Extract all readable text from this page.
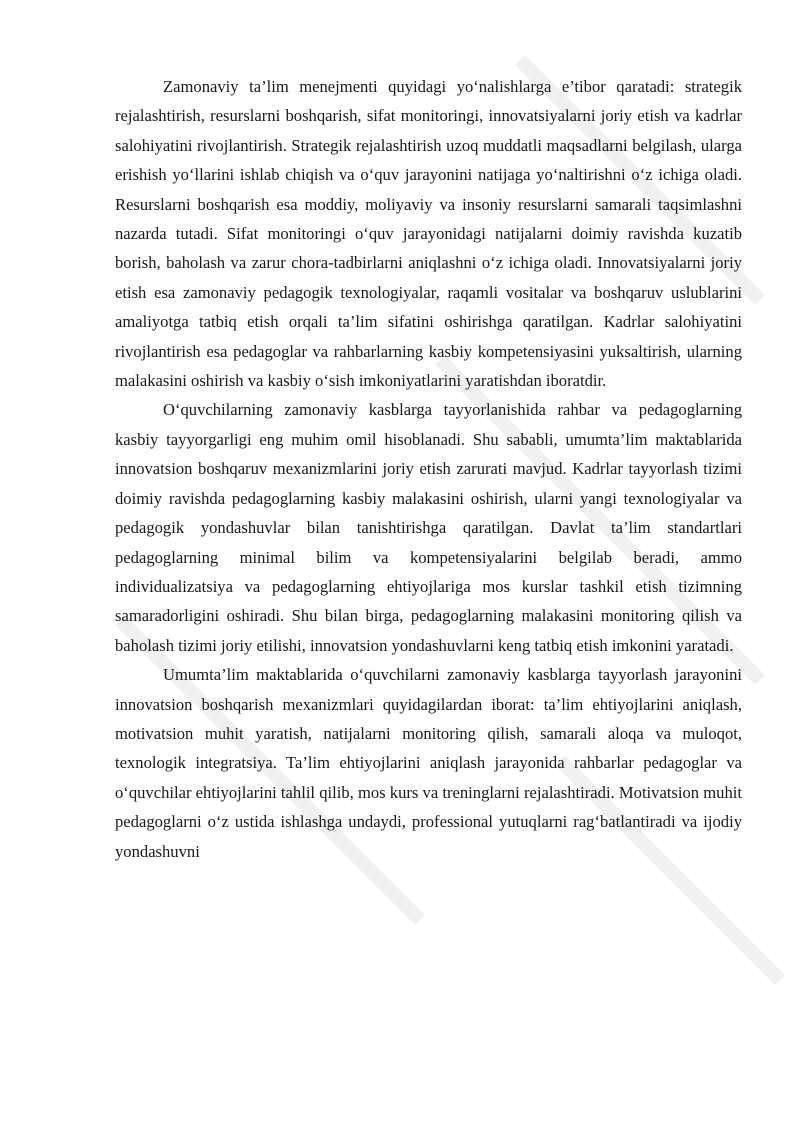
Zamonaviy ta’lim menejmenti quyidagi yo‘nalishlarga e’tibor qaratadi: strategik rejalashtirish, resurslarni boshqarish, sifat monitoringi, innovatsiyalarni joriy etish va kadrlar salohiyatini rivojlantirish. Strategik rejalashtirish uzoq muddatli maqsadlarni belgilash, ularga erishish yo‘llarini ishlab chiqish va o‘quv jarayonini natijaga yo‘naltirishni o‘z ichiga oladi. Resurslarni boshqarish esa moddiy, moliyaviy va insoniy resurslarni samarali taqsimlashni nazarda tutadi. Sifat monitoringi o‘quv jarayonidagi natijalarni doimiy ravishda kuzatib borish, baholash va zarur chora-tadbirlarni aniqlashni o‘z ichiga oladi. Innovatsiyalarni joriy etish esa zamonaviy pedagogik texnologiyalar, raqamli vositalar va boshqaruv uslublarini amaliyotga tatbiq etish orqali ta’lim sifatini oshirishga qaratilgan. Kadrlar salohiyatini rivojlantirish esa pedagoglar va rahbarlarning kasbiy kompetensiyasini yuksaltirish, ularning malakasini oshirish va kasbiy o‘sish imkoniyatlarini yaratishdan iboratdir.

O‘quvchilarning zamonaviy kasblarga tayyorlanishida rahbar va pedagoglarning kasbiy tayyorgarligi eng muhim omil hisoblanadi. Shu sababli, umumta’lim maktablarida innovatsion boshqaruv mexanizmlarini joriy etish zarurati mavjud. Kadrlar tayyorlash tizimi doimiy ravishda pedagoglarning kasbiy malakasini oshirish, ularni yangi texnologiyalar va pedagogik yondashuvlar bilan tanishtirishga qaratilgan. Davlat ta’lim standartlari pedagoglarning minimal bilim va kompetensiyalarini belgilab beradi, ammo individualizatsiya va pedagoglarning ehtiyojlariga mos kurslar tashkil etish tizimning samaradorligini oshiradi. Shu bilan birga, pedagoglarning malakasini monitoring qilish va baholash tizimi joriy etilishi, innovatsion yondashuvlarni keng tatbiq etish imkonini yaratadi.

Umumta’lim maktablarida o‘quvchilarni zamonaviy kasblarga tayyorlash jarayonini innovatsion boshqarish mexanizmlari quyidagilardan iborat: ta’lim ehtiyojlarini aniqlash, motivatsion muhit yaratish, natijalarni monitoring qilish, samarali aloqa va muloqot, texnologik integratsiya. Ta’lim ehtiyojlarini aniqlash jarayonida rahbarlar pedagoglar va o‘quvchilar ehtiyojlarini tahlil qilib, mos kurs va treninglarni rejalashtiradi. Motivatsion muhit pedagoglarni o‘z ustida ishlashga undaydi, professional yutuqlarni rag‘batlantiradi va ijodiy yondashuvni
